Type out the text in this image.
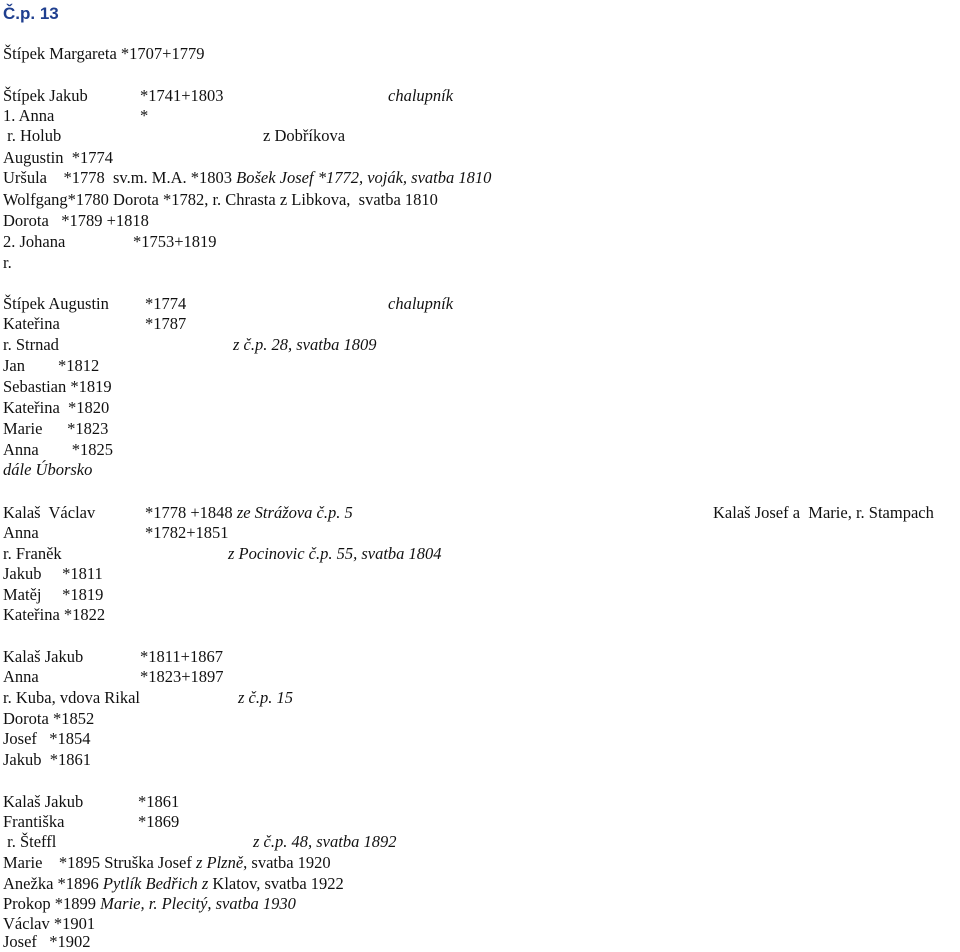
Č.p. 13
Štípek Margareta *1707+1779
Štípek Jakub	*1741+1803	chalupník
1. Anna	*
r. Holub	z Dobříkova
Augustin  *1774
Uršula    *1778  sv.m. M.A. *1803 Bošek Josef *1772, voják, svatba 1810
Wolfgang*1780 Dorota *1782, r. Chrasta z Libkova,  svatba 1810
Dorota   *1789 +1818
2. Johana	*1753+1819
r.
Štípek Augustin *1774	chalupník
Kateřina	*1787
r. Strnad	z č.p. 28, svatba 1809
Jan        *1812
Sebastian *1819
Kateřina  *1820
Marie      *1823
Anna        *1825
dále Úborsko
Kalaš  Václav	*1778 +1848 ze Strážova č.p. 5	Kalaš Josef a  Marie, r. Stampach
Anna	*1782+1851
r. Franěk	z Pocinovic č.p. 55, svatba 1804
Jakub     *1811
Matěj     *1819
Kateřina *1822
Kalaš Jakub	*1811+1867
Anna	*1823+1897
r. Kuba, vdova Rikal	z č.p. 15
Dorota *1852
Josef   *1854
Jakub  *1861
Kalaš Jakub	*1861
Františka	*1869
r. Šteffl	z č.p. 48, svatba 1892
Marie    *1895 Struška Josef z Plzně, svatba 1920
Anežka *1896 Pytlík Bedřich z Klatov, svatba 1922
Prokop *1899 Marie, r. Plecitý, svatba 1930
Václav *1901
Josef   *1902
